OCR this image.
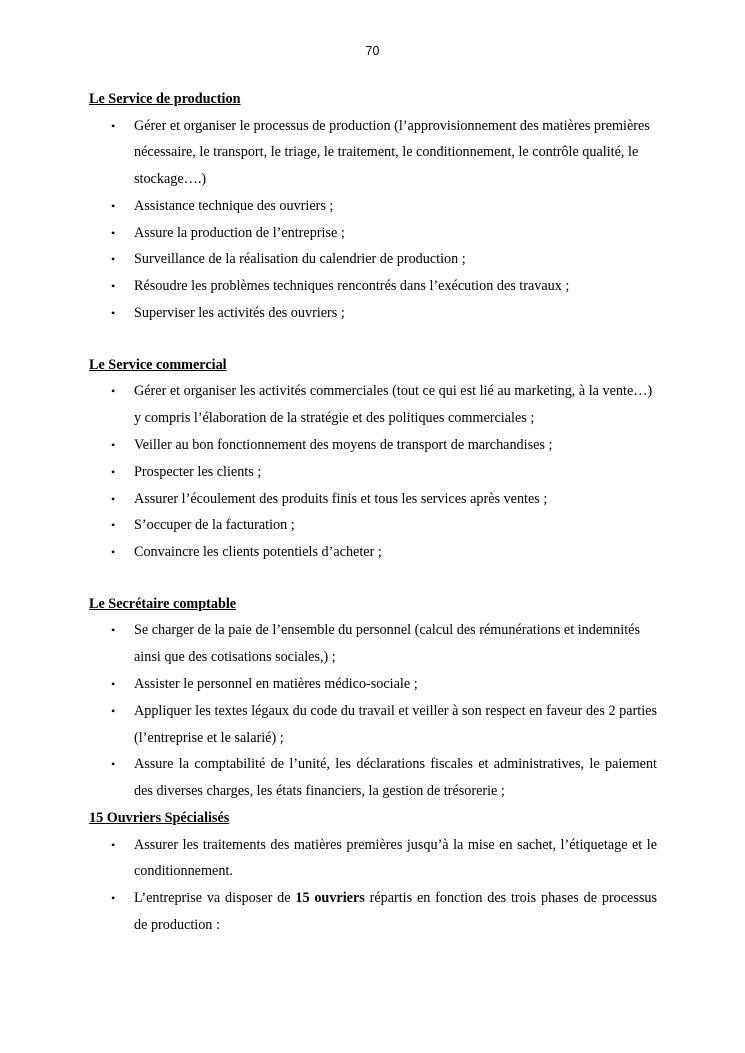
70
Le Service de production
• Gérer et organiser le processus de production (l’approvisionnement des matières premières nécessaire, le transport, le triage, le traitement, le conditionnement, le contrôle qualité, le stockage….)
• Assistance technique des ouvriers ;
• Assure la production de l’entreprise ;
• Surveillance de la réalisation du calendrier de production ;
• Résoudre les problèmes techniques rencontrés dans l’exécution des travaux ;
• Superviser les activités des ouvriers ;
Le Service commercial
• Gérer et organiser les activités commerciales (tout ce qui est lié au marketing, à la vente…) y compris l’élaboration de la stratégie et des politiques commerciales ;
• Veiller au bon fonctionnement des moyens de transport de marchandises ;
• Prospecter les clients ;
• Assurer l’écoulement des produits finis et tous les services après ventes ;
• S’occuper de la facturation ;
• Convaincre les clients potentiels d’acheter ;
Le Secrétaire comptable
• Se charger de la paie de l’ensemble du personnel (calcul des rémunérations et indemnités ainsi que des cotisations sociales,) ;
• Assister le personnel en matières médico-sociale ;
• Appliquer les textes légaux du code du travail et veiller à son respect en faveur des 2 parties (l’entreprise et le salarié) ;
• Assure la comptabilité de l’unité, les déclarations fiscales et administratives, le paiement des diverses charges, les états financiers, la gestion de trésorerie ;
15 Ouvriers Spécialisés
• Assurer les traitements des matières premières jusqu’à la mise en sachet, l’étiquetage et le conditionnement.
• L’entreprise va disposer de 15 ouvriers répartis en fonction des trois phases de processus de production :
